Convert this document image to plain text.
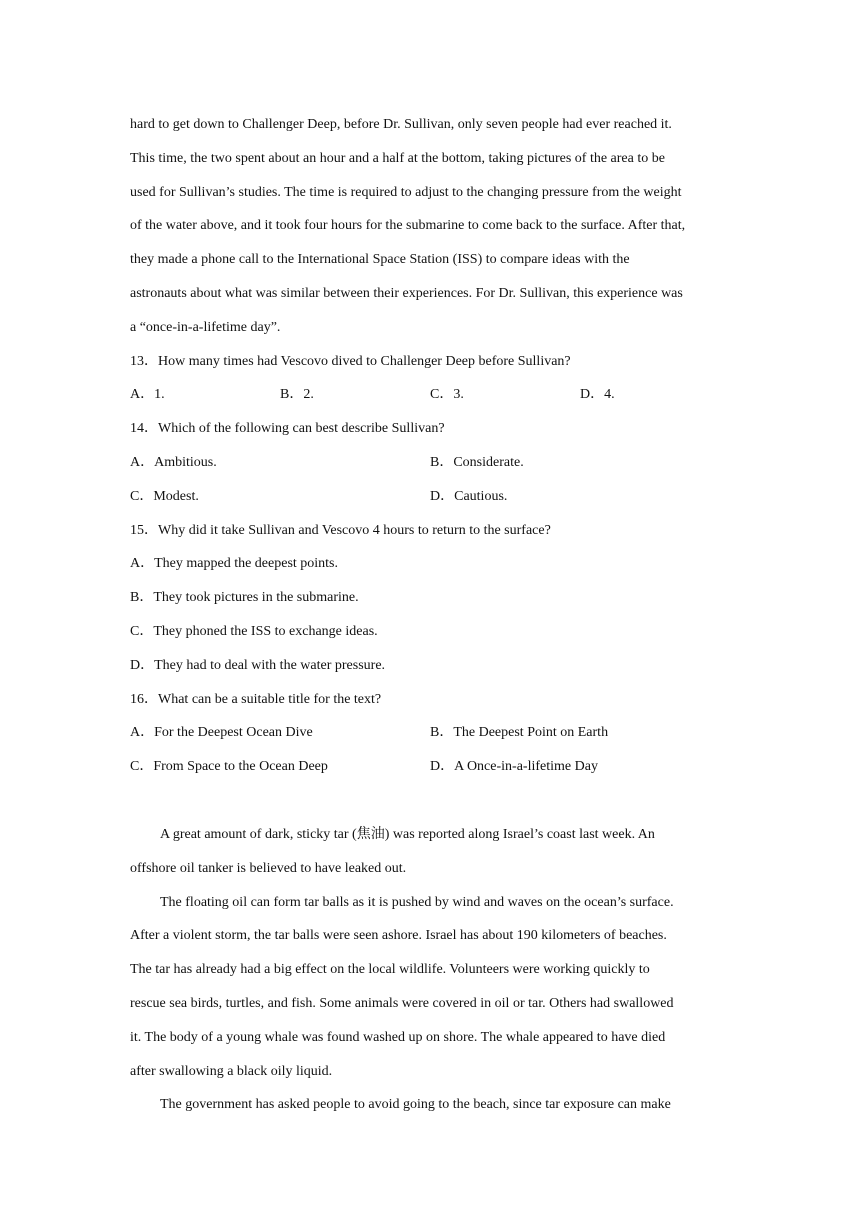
hard to get down to Challenger Deep, before Dr. Sullivan, only seven people had ever reached it.
This time, the two spent about an hour and a half at the bottom, taking pictures of the area to be
used for Sullivan’s studies. The time is required to adjust to the changing pressure from the weight
of the water above, and it took four hours for the submarine to come back to the surface. After that,
they made a phone call to the International Space Station (ISS) to compare ideas with the
astronauts about what was similar between their experiences. For Dr. Sullivan, this experience was
a “once-in-a-lifetime day”.
13．How many times had Vescovo dived to Challenger Deep before Sullivan?
A．1.	B．2.	C．3.	D．4.
14．Which of the following can best describe Sullivan?
A．Ambitious.	B．Considerate.
C．Modest.	D．Cautious.
15．Why did it take Sullivan and Vescovo 4 hours to return to the surface?
A．They mapped the deepest points.
B．They took pictures in the submarine.
C．They phoned the ISS to exchange ideas.
D．They had to deal with the water pressure.
16．What can be a suitable title for the text?
A．For the Deepest Ocean Dive	B．The Deepest Point on Earth
C．From Space to the Ocean Deep	D．A Once-in-a-lifetime Day
A great amount of dark, sticky tar (焦油) was reported along Israel’s coast last week. An
offshore oil tanker is believed to have leaked out.
The floating oil can form tar balls as it is pushed by wind and waves on the ocean’s surface.
After a violent storm, the tar balls were seen ashore. Israel has about 190 kilometers of beaches.
The tar has already had a big effect on the local wildlife. Volunteers were working quickly to
rescue sea birds, turtles, and fish. Some animals were covered in oil or tar. Others had swallowed
it. The body of a young whale was found washed up on shore. The whale appeared to have died
after swallowing a black oily liquid.
The government has asked people to avoid going to the beach, since tar exposure can make
